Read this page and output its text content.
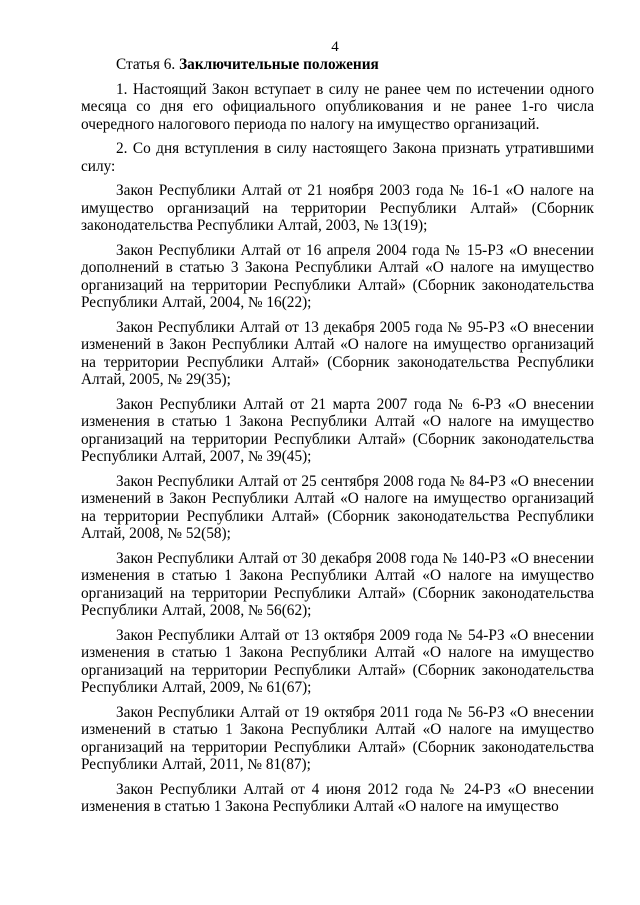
4

Статья 6. Заключительные положения

1. Настоящий Закон вступает в силу не ранее чем по истечении одного месяца со дня его официального опубликования и не ранее 1-го числа очередного налогового периода по налогу на имущество организаций.

2. Со дня вступления в силу настоящего Закона признать утратившими силу:

Закон Республики Алтай от 21 ноября 2003 года № 16-1 «О налоге на имущество организаций на территории Республики Алтай» (Сборник законодательства Республики Алтай, 2003, № 13(19);

Закон Республики Алтай от 16 апреля 2004 года № 15-РЗ «О внесении дополнений в статью 3 Закона Республики Алтай «О налоге на имущество организаций на территории Республики Алтай» (Сборник законодательства Республики Алтай, 2004, № 16(22);

Закон Республики Алтай от 13 декабря 2005 года № 95-РЗ «О внесении изменений в Закон Республики Алтай «О налоге на имущество организаций на территории Республики Алтай» (Сборник законодательства Республики Алтай, 2005, № 29(35);

Закон Республики Алтай от 21 марта 2007 года № 6-РЗ «О внесении изменения в статью 1 Закона Республики Алтай «О налоге на имущество организаций на территории Республики Алтай» (Сборник законодательства Республики Алтай, 2007, № 39(45);

Закон Республики Алтай от 25 сентября 2008 года № 84-РЗ «О внесении изменений в Закон Республики Алтай «О налоге на имущество организаций на территории Республики Алтай» (Сборник законодательства Республики Алтай, 2008, № 52(58);

Закон Республики Алтай от 30 декабря 2008 года № 140-РЗ «О внесении изменения в статью 1 Закона Республики Алтай «О налоге на имущество организаций на территории Республики Алтай» (Сборник законодательства Республики Алтай, 2008, № 56(62);

Закон Республики Алтай от 13 октября 2009 года № 54-РЗ «О внесении изменения в статью 1 Закона Республики Алтай «О налоге на имущество организаций на территории Республики Алтай» (Сборник законодательства Республики Алтай, 2009, № 61(67);

Закон Республики Алтай от 19 октября 2011 года № 56-РЗ «О внесении изменений в статью 1 Закона Республики Алтай «О налоге на имущество организаций на территории Республики Алтай» (Сборник законодательства Республики Алтай, 2011, № 81(87);

Закон Республики Алтай от 4 июня 2012 года № 24-РЗ «О внесении изменения в статью 1 Закона Республики Алтай «О налоге на имущество
